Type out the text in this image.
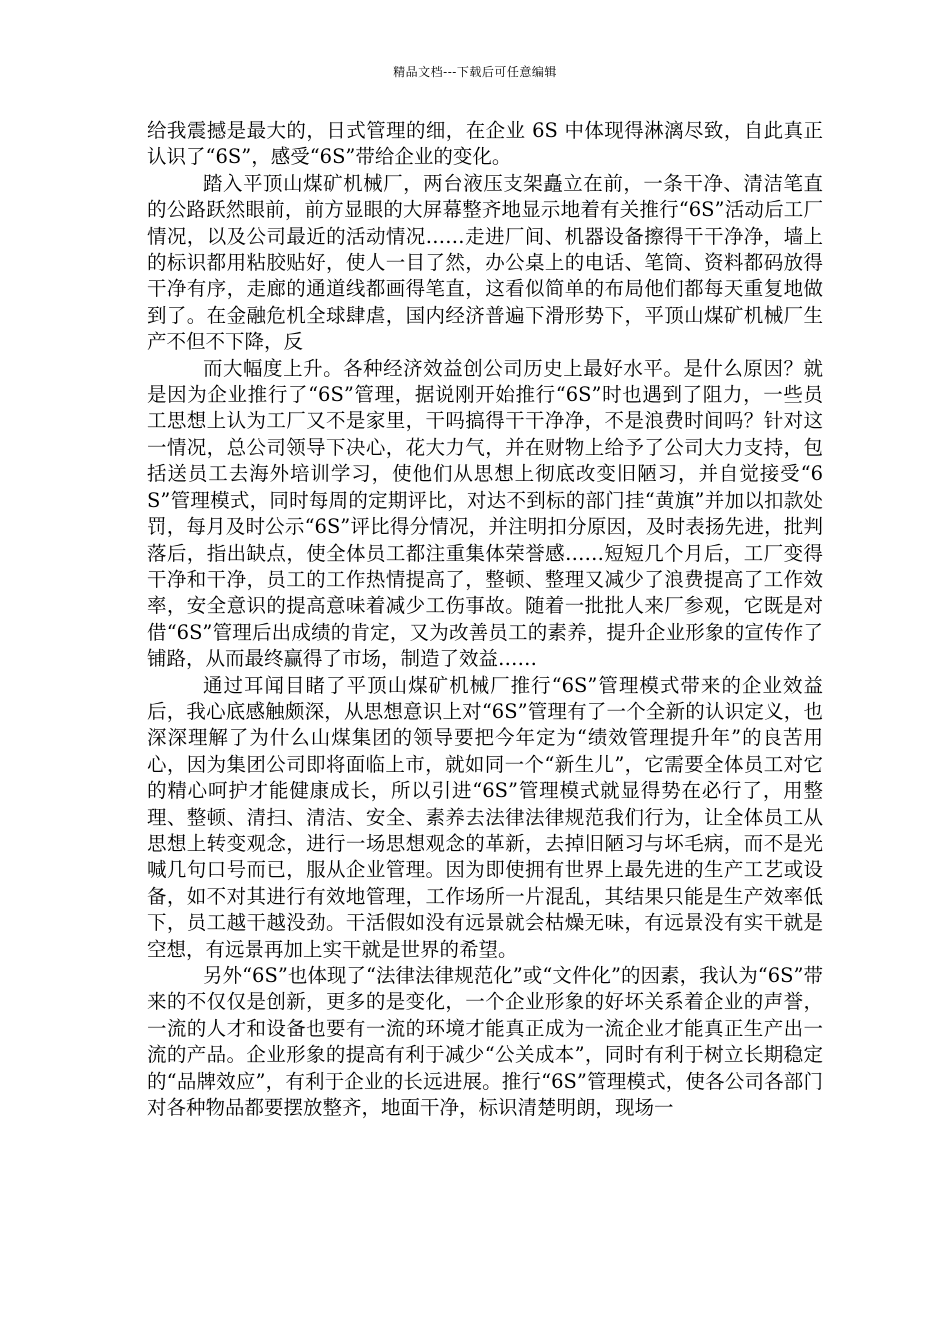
精品文档---下载后可任意编辑

给我震撼是最大的，日式管理的细，在企业 6S 中体现得淋漓尽致，自此真正认识了“6S”，感受“6S”带给企业的变化。

踏入平顶山煤矿机械厂，两台液压支架矗立在前，一条干净、清洁笔直的公路跃然眼前，前方显眼的大屏幕整齐地显示地着有关推行“6S”活动后工厂情况，以及公司最近的活动情况……走进厂间、机器设备擦得干干净净，墙上的标识都用粘胶贴好，使人一目了然，办公桌上的电话、笔筒、资料都码放得干净有序，走廊的通道线都画得笔直，这看似简单的布局他们都每天重复地做到了。在金融危机全球肆虐，国内经济普遍下滑形势下，平顶山煤矿机械厂生产不但不下降，反

而大幅度上升。各种经济效益创公司历史上最好水平。是什么原因？就是因为企业推行了“6S”管理，据说刚开始推行“6S”时也遇到了阻力，一些员工思想上认为工厂又不是家里，干吗搞得干干净净，不是浪费时间吗？针对这一情况，总公司领导下决心，花大力气，并在财物上给予了公司大力支持，包括送员工去海外培训学习，使他们从思想上彻底改变旧陋习，并自觉接受“6S”管理模式，同时每周的定期评比，对达不到标的部门挂“黄旗”并加以扣款处罚，每月及时公示“6S”评比得分情况，并注明扣分原因，及时表扬先进，批判落后，指出缺点，使全体员工都注重集体荣誉感……短短几个月后，工厂变得干净和干净，员工的工作热情提高了，整顿、整理又减少了浪费提高了工作效率，安全意识的提高意味着减少工伤事故。随着一批批人来厂参观，它既是对借“6S”管理后出成绩的肯定，又为改善员工的素养，提升企业形象的宣传作了铺路，从而最终赢得了市场，制造了效益……

通过耳闻目睹了平顶山煤矿机械厂推行“6S”管理模式带来的企业效益后，我心底感触颇深，从思想意识上对“6S”管理有了一个全新的认识定义，也深深理解了为什么山煤集团的领导要把今年定为“绩效管理提升年”的良苦用心，因为集团公司即将面临上市，就如同一个“新生儿”，它需要全体员工对它的精心呵护才能健康成长，所以引进“6S”管理模式就显得势在必行了，用整理、整顿、清扫、清洁、安全、素养去法律法律规范我们行为，让全体员工从思想上转变观念，进行一场思想观念的革新，去掉旧陋习与坏毛病，而不是光喊几句口号而已，服从企业管理。因为即使拥有世界上最先进的生产工艺或设备，如不对其进行有效地管理，工作场所一片混乱，其结果只能是生产效率低下，员工越干越没劲。干活假如没有远景就会枯燥无味，有远景没有实干就是空想，有远景再加上实干就是世界的希望。

另外“6S”也体现了“法律法律规范化”或“文件化”的因素，我认为“6S”带来的不仅仅是创新，更多的是变化，一个企业形象的好坏关系着企业的声誉，一流的人才和设备也要有一流的环境才能真正成为一流企业才能真正生产出一流的产品。企业形象的提高有利于减少“公关成本”，同时有利于树立长期稳定的“品牌效应”，有利于企业的长远进展。推行“6S”管理模式，使各公司各部门对各种物品都要摆放整齐，地面干净，标识清楚明朗，现场一
